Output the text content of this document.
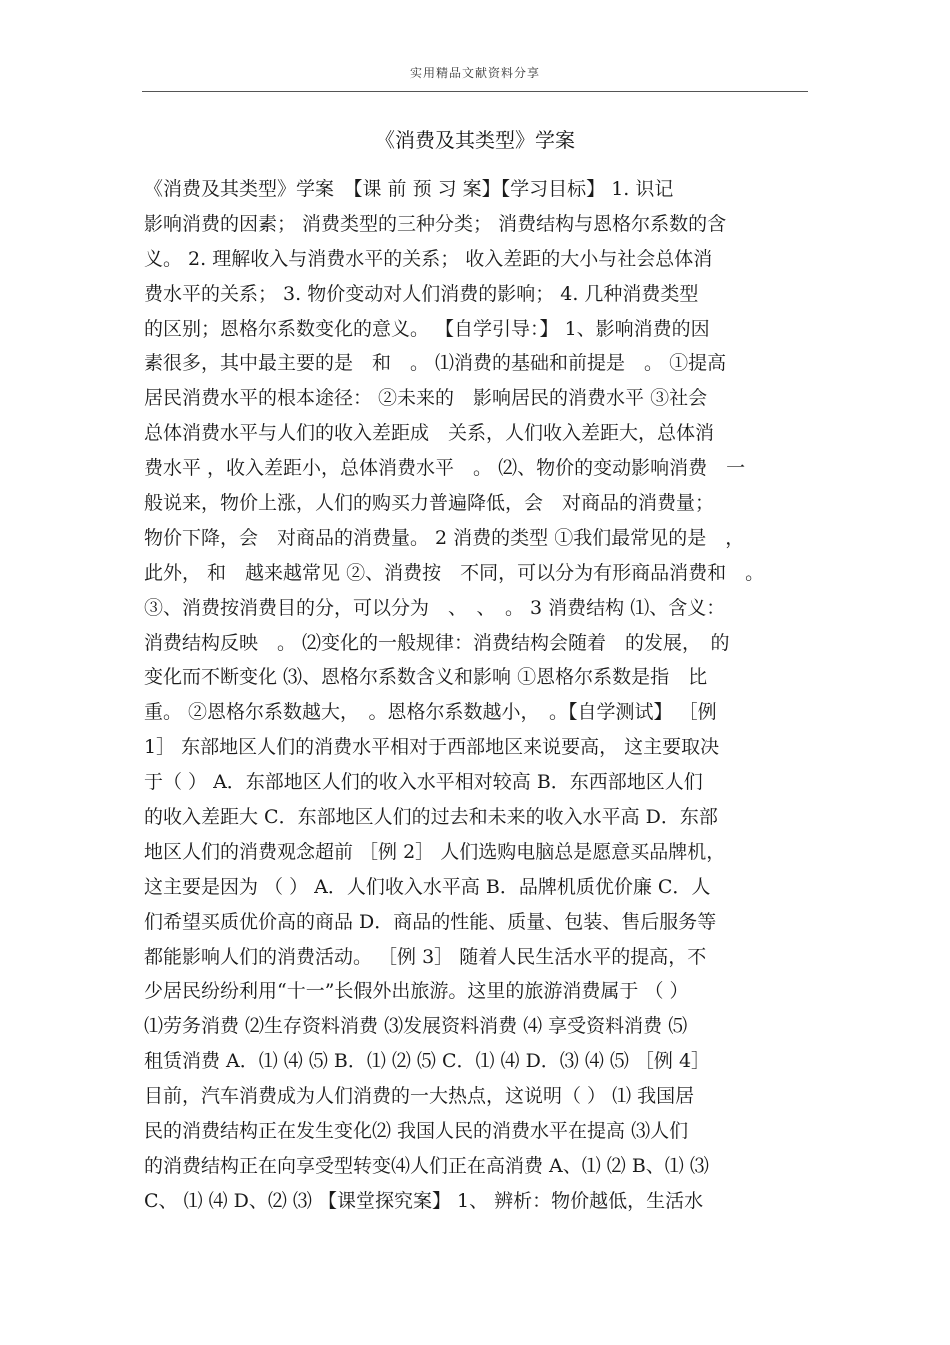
实用精品文献资料分享
《消费及其类型》学案
《消费及其类型》学案　【课 前 预 习 案】【学习目标】 1. 识记
影响消费的因素； 消费类型的三种分类； 消费结构与恩格尔系数的含
义。 2. 理解收入与消费水平的关系； 收入差距的大小与社会总体消
费水平的关系； 3. 物价变动对人们消费的影响； 4. 几种消费类型
的区别；恩格尔系数变化的意义。 【自学引导：】 1、影响消费的因
素很多，其中最主要的是　和　。 ⑴消费的基础和前提是　。 ①提高
居民消费水平的根本途径： ②未来的　影响居民的消费水平 ③社会
总体消费水平与人们的收入差距成　关系，人们收入差距大，总体消
费水平 ，收入差距小，总体消费水平　。 ⑵、物价的变动影响消费　一
般说来，物价上涨，人们的购买力普遍降低，会　对商品的消费量；
物价下降，会　对商品的消费量。 2 消费的类型 ①我们最常见的是　，
此外， 和　越来越常见 ②、消费按　不同，可以分为有形商品消费和　。
③、消费按消费目的分，可以分为　、　、　。 3 消费结构 ⑴、含义：
消费结构反映　。 ⑵变化的一般规律：消费结构会随着　的发展，　的
变化而不断变化 ⑶、恩格尔系数含义和影响 ①恩格尔系数是指　比
重。 ②恩格尔系数越大，　。恩格尔系数越小，　。【自学测试】 ［例
1］ 东部地区人们的消费水平相对于西部地区来说要高， 这主要取决
于（ ） A．东部地区人们的收入水平相对较高 B．东西部地区人们
的收入差距大 C．东部地区人们的过去和未来的收入水平高 D．东部
地区人们的消费观念超前 ［例 2］ 人们选购电脑总是愿意买品牌机，
这主要是因为 （ ） A．人们收入水平高 B．品牌机质优价廉 C．人
们希望买质优价高的商品 D．商品的性能、质量、包装、售后服务等
都能影响人们的消费活动。 ［例 3］ 随着人民生活水平的提高，不
少居民纷纷利用“十一”长假外出旅游。这里的旅游消费属于 （ ）
⑴劳务消费 ⑵生存资料消费 ⑶发展资料消费 ⑷ 享受资料消费 ⑸
租赁消费 A．⑴ ⑷ ⑸ B．⑴ ⑵ ⑸ C．⑴ ⑷ D．⑶ ⑷ ⑸ ［例 4］
目前，汽车消费成为人们消费的一大热点，这说明（ ） ⑴ 我国居
民的消费结构正在发生变化⑵ 我国人民的消费水平在提高 ⑶人们
的消费结构正在向享受型转变⑷人们正在高消费 A、⑴ ⑵ B、⑴ ⑶
C、 ⑴ ⑷ D、⑵ ⑶ 【课堂探究案】 1、 辨析：物价越低，生活水
